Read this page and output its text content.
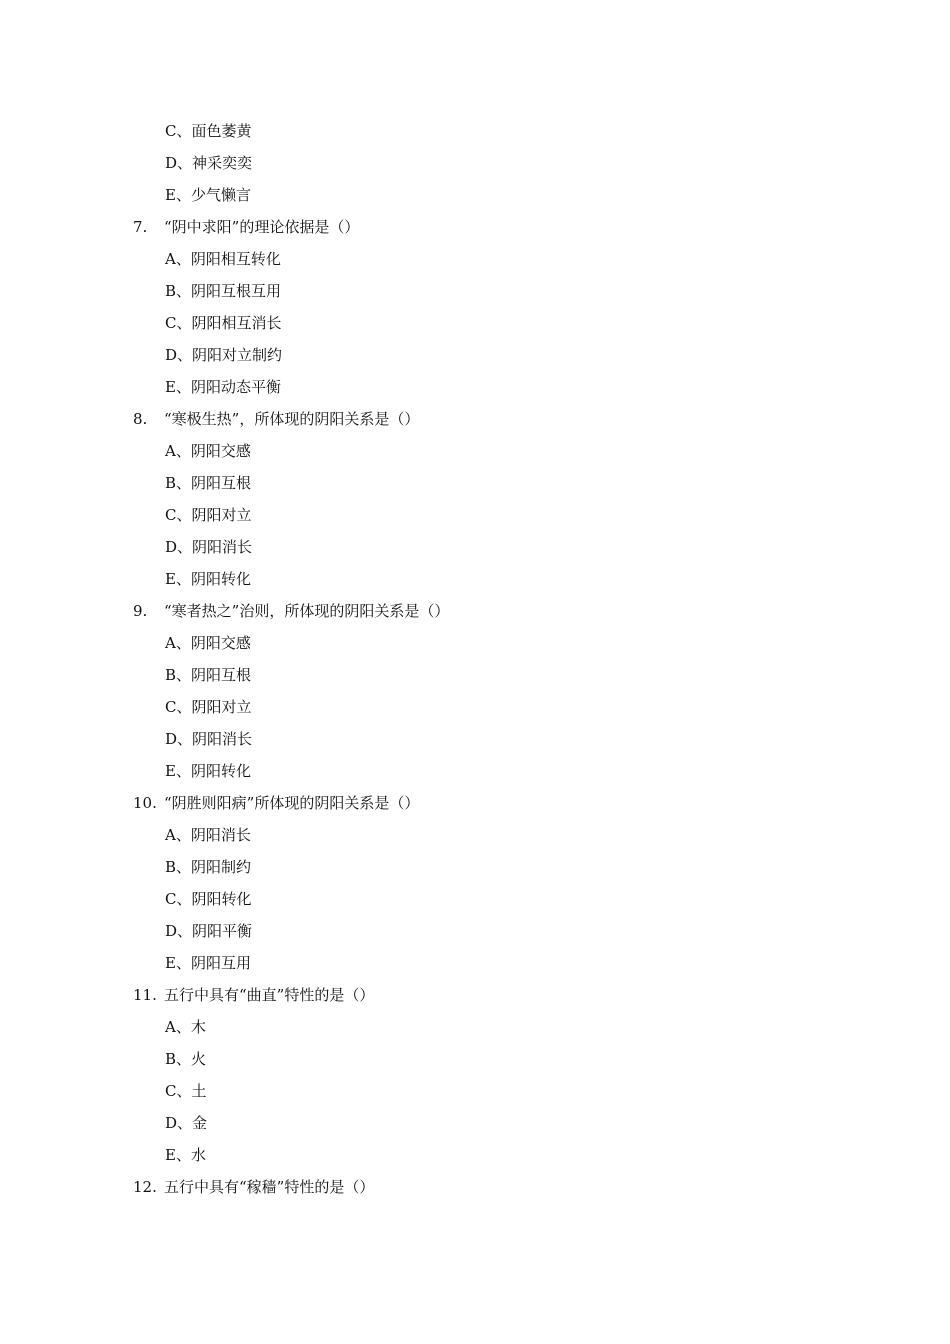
C、面色萎黄
D、神采奕奕
E、少气懒言
7.	“阴中求阳”的理论依据是（）
A、阴阳相互转化
B、阴阳互根互用
C、阴阳相互消长
D、阴阳对立制约
E、阴阳动态平衡
8.	“寒极生热”，所体现的阴阳关系是（）
A、阴阳交感
B、阴阳互根
C、阴阳对立
D、阴阳消长
E、阴阳转化
9.	“寒者热之”治则，所体现的阴阳关系是（）
A、阴阳交感
B、阴阳互根
C、阴阳对立
D、阴阳消长
E、阴阳转化
10. “阴胜则阳病”所体现的阴阳关系是（）
A、阴阳消长
B、阴阳制约
C、阴阳转化
D、阴阳平衡
E、阴阳互用
11. 五行中具有“曲直”特性的是（）
A、木
B、火
C、土
D、金
E、水
12. 五行中具有“稼穑”特性的是（）
